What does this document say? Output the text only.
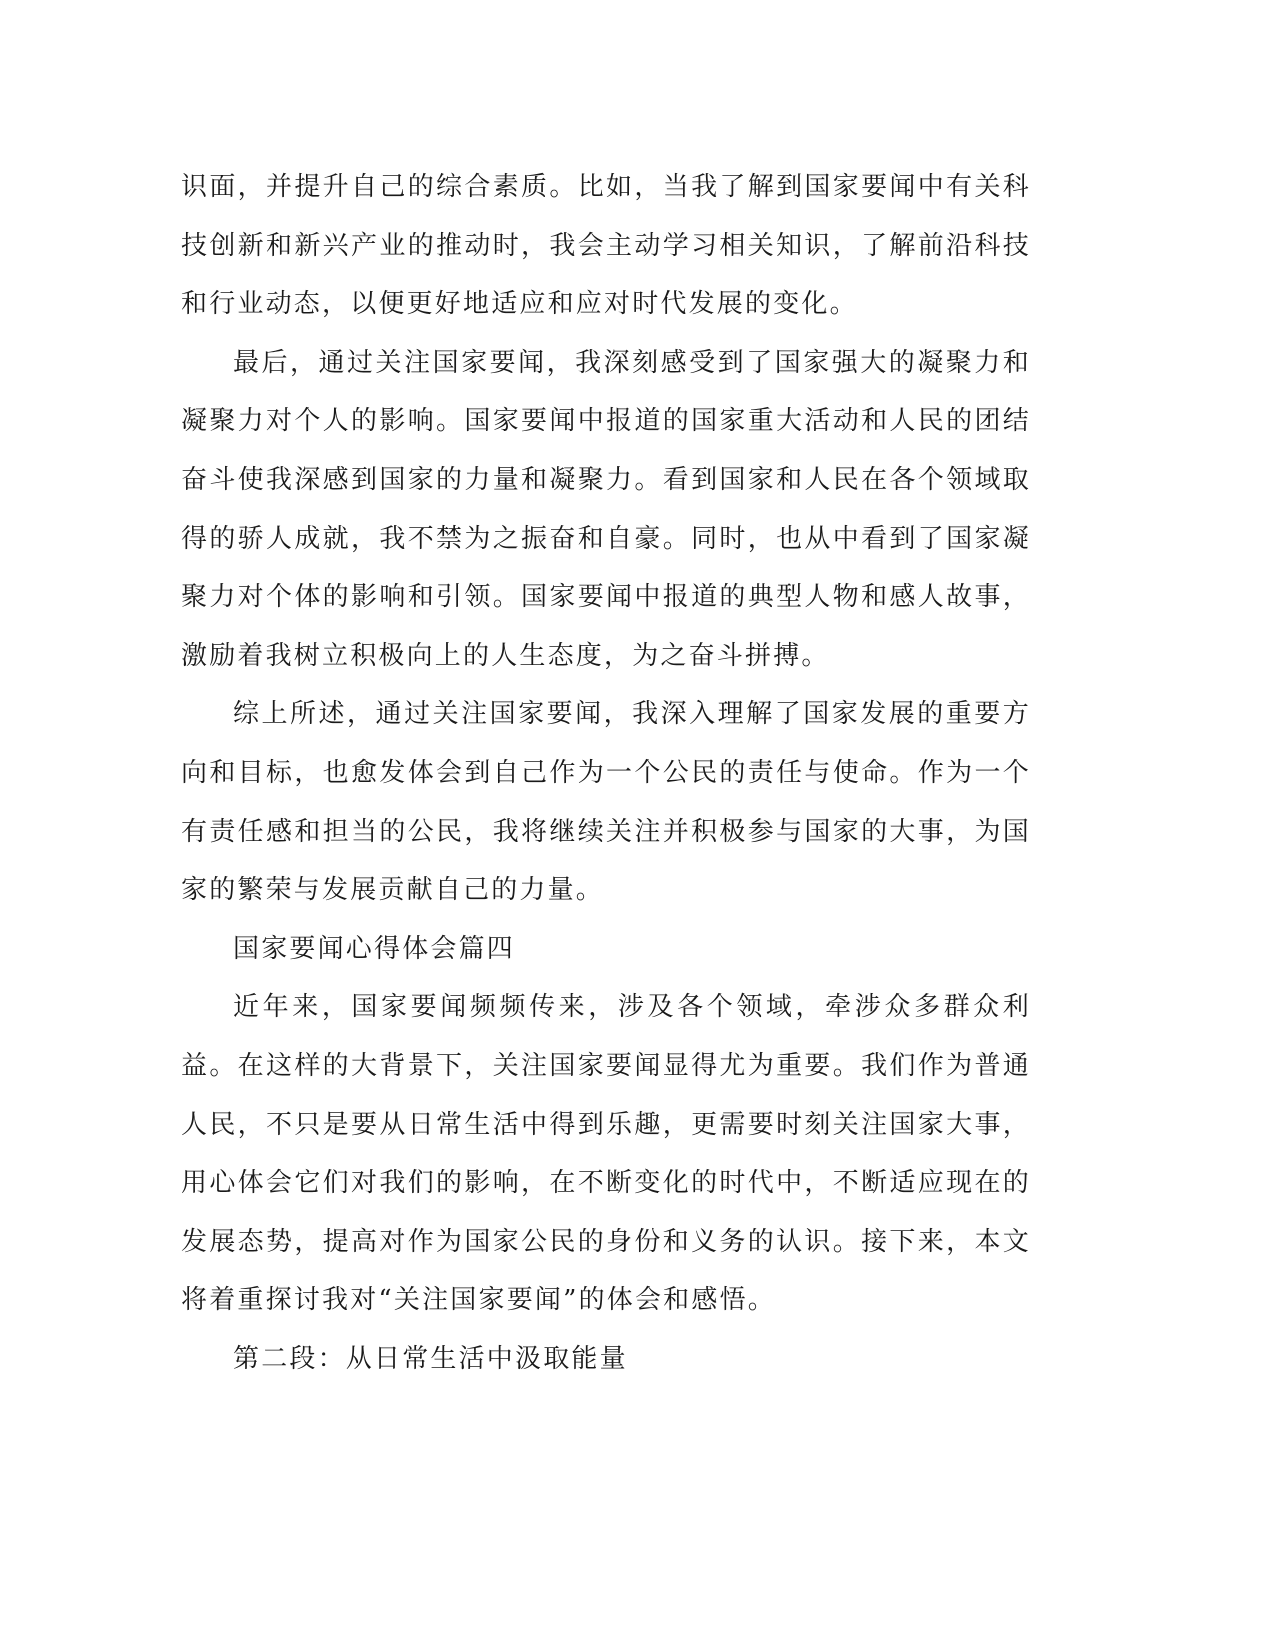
识面，并提升自己的综合素质。比如，当我了解到国家要闻中有关科技创新和新兴产业的推动时，我会主动学习相关知识，了解前沿科技和行业动态，以便更好地适应和应对时代发展的变化。

最后，通过关注国家要闻，我深刻感受到了国家强大的凝聚力和凝聚力对个人的影响。国家要闻中报道的国家重大活动和人民的团结奋斗使我深感到国家的力量和凝聚力。看到国家和人民在各个领域取得的骄人成就，我不禁为之振奋和自豪。同时，也从中看到了国家凝聚力对个体的影响和引领。国家要闻中报道的典型人物和感人故事，激励着我树立积极向上的人生态度，为之奋斗拼搏。

综上所述，通过关注国家要闻，我深入理解了国家发展的重要方向和目标，也愈发体会到自己作为一个公民的责任与使命。作为一个有责任感和担当的公民，我将继续关注并积极参与国家的大事，为国家的繁荣与发展贡献自己的力量。

国家要闻心得体会篇四

近年来，国家要闻频频传来，涉及各个领域，牵涉众多群众利益。在这样的大背景下，关注国家要闻显得尤为重要。我们作为普通人民，不只是要从日常生活中得到乐趣，更需要时刻关注国家大事，用心体会它们对我们的影响，在不断变化的时代中，不断适应现在的发展态势，提高对作为国家公民的身份和义务的认识。接下来，本文将着重探讨我对“关注国家要闻”的体会和感悟。

第二段：从日常生活中汲取能量
